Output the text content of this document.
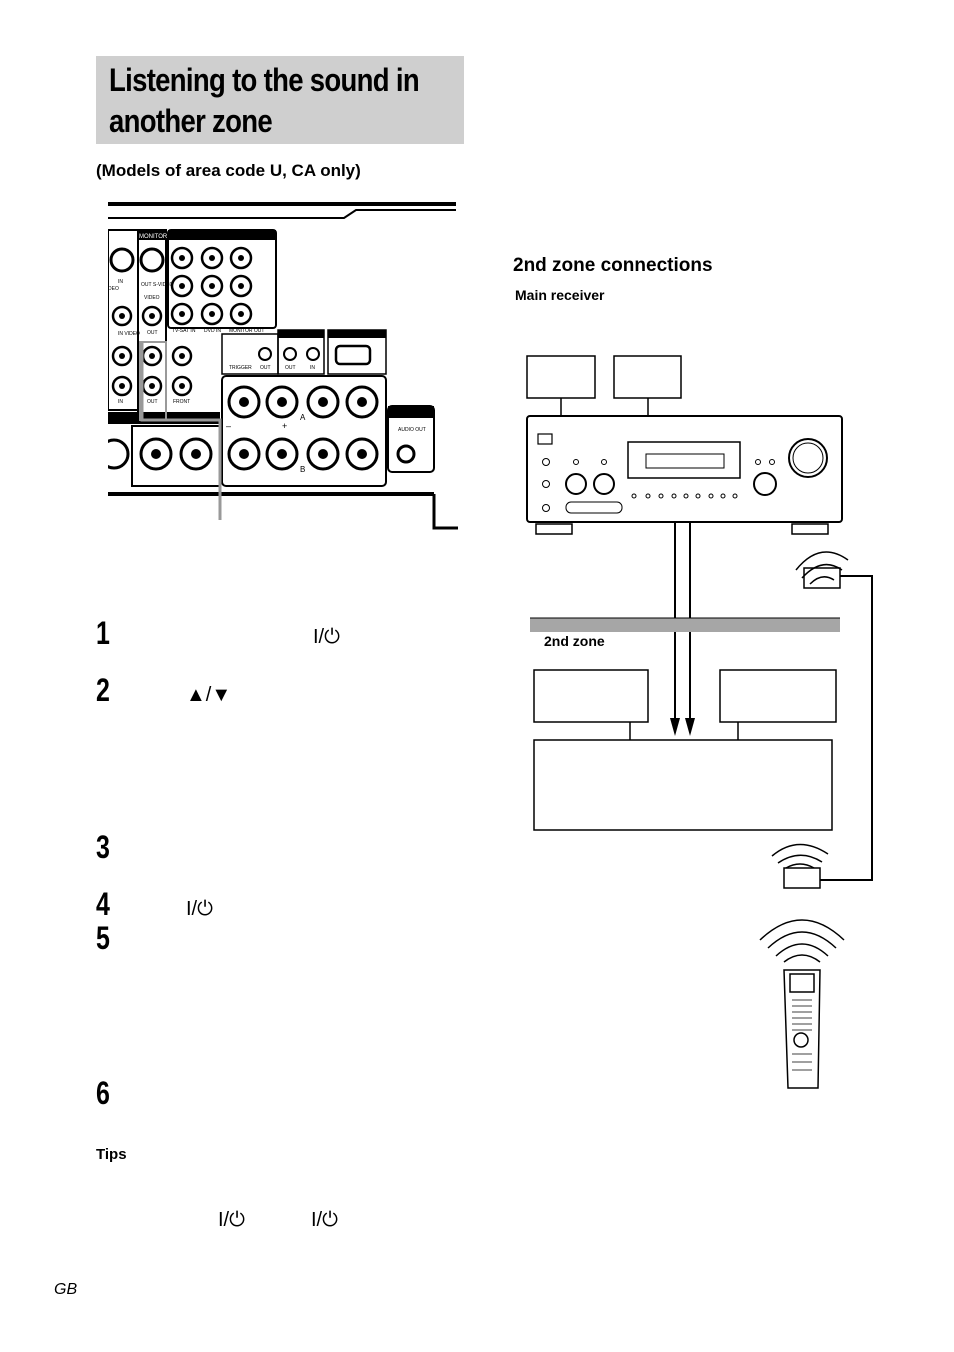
Listening to the sound in another zone
(Models of area code U, CA only)
MONITOR
IN
DEO
OUT S-VIDEO
VIDEO
IN VIDEO OUT	TV-SAT IN DVD IN MONITOR OUT
IN	OUT	FRONT
TRIGGER OUT	OUT	IN
A
B
–	+	AUDIO OUT
2nd zone connections
Main receiver
2nd zone
1	I/⏻
2	▲/▼
3
4	I/⏻
5
6
Tips
I/⏻	I/⏻
GB
